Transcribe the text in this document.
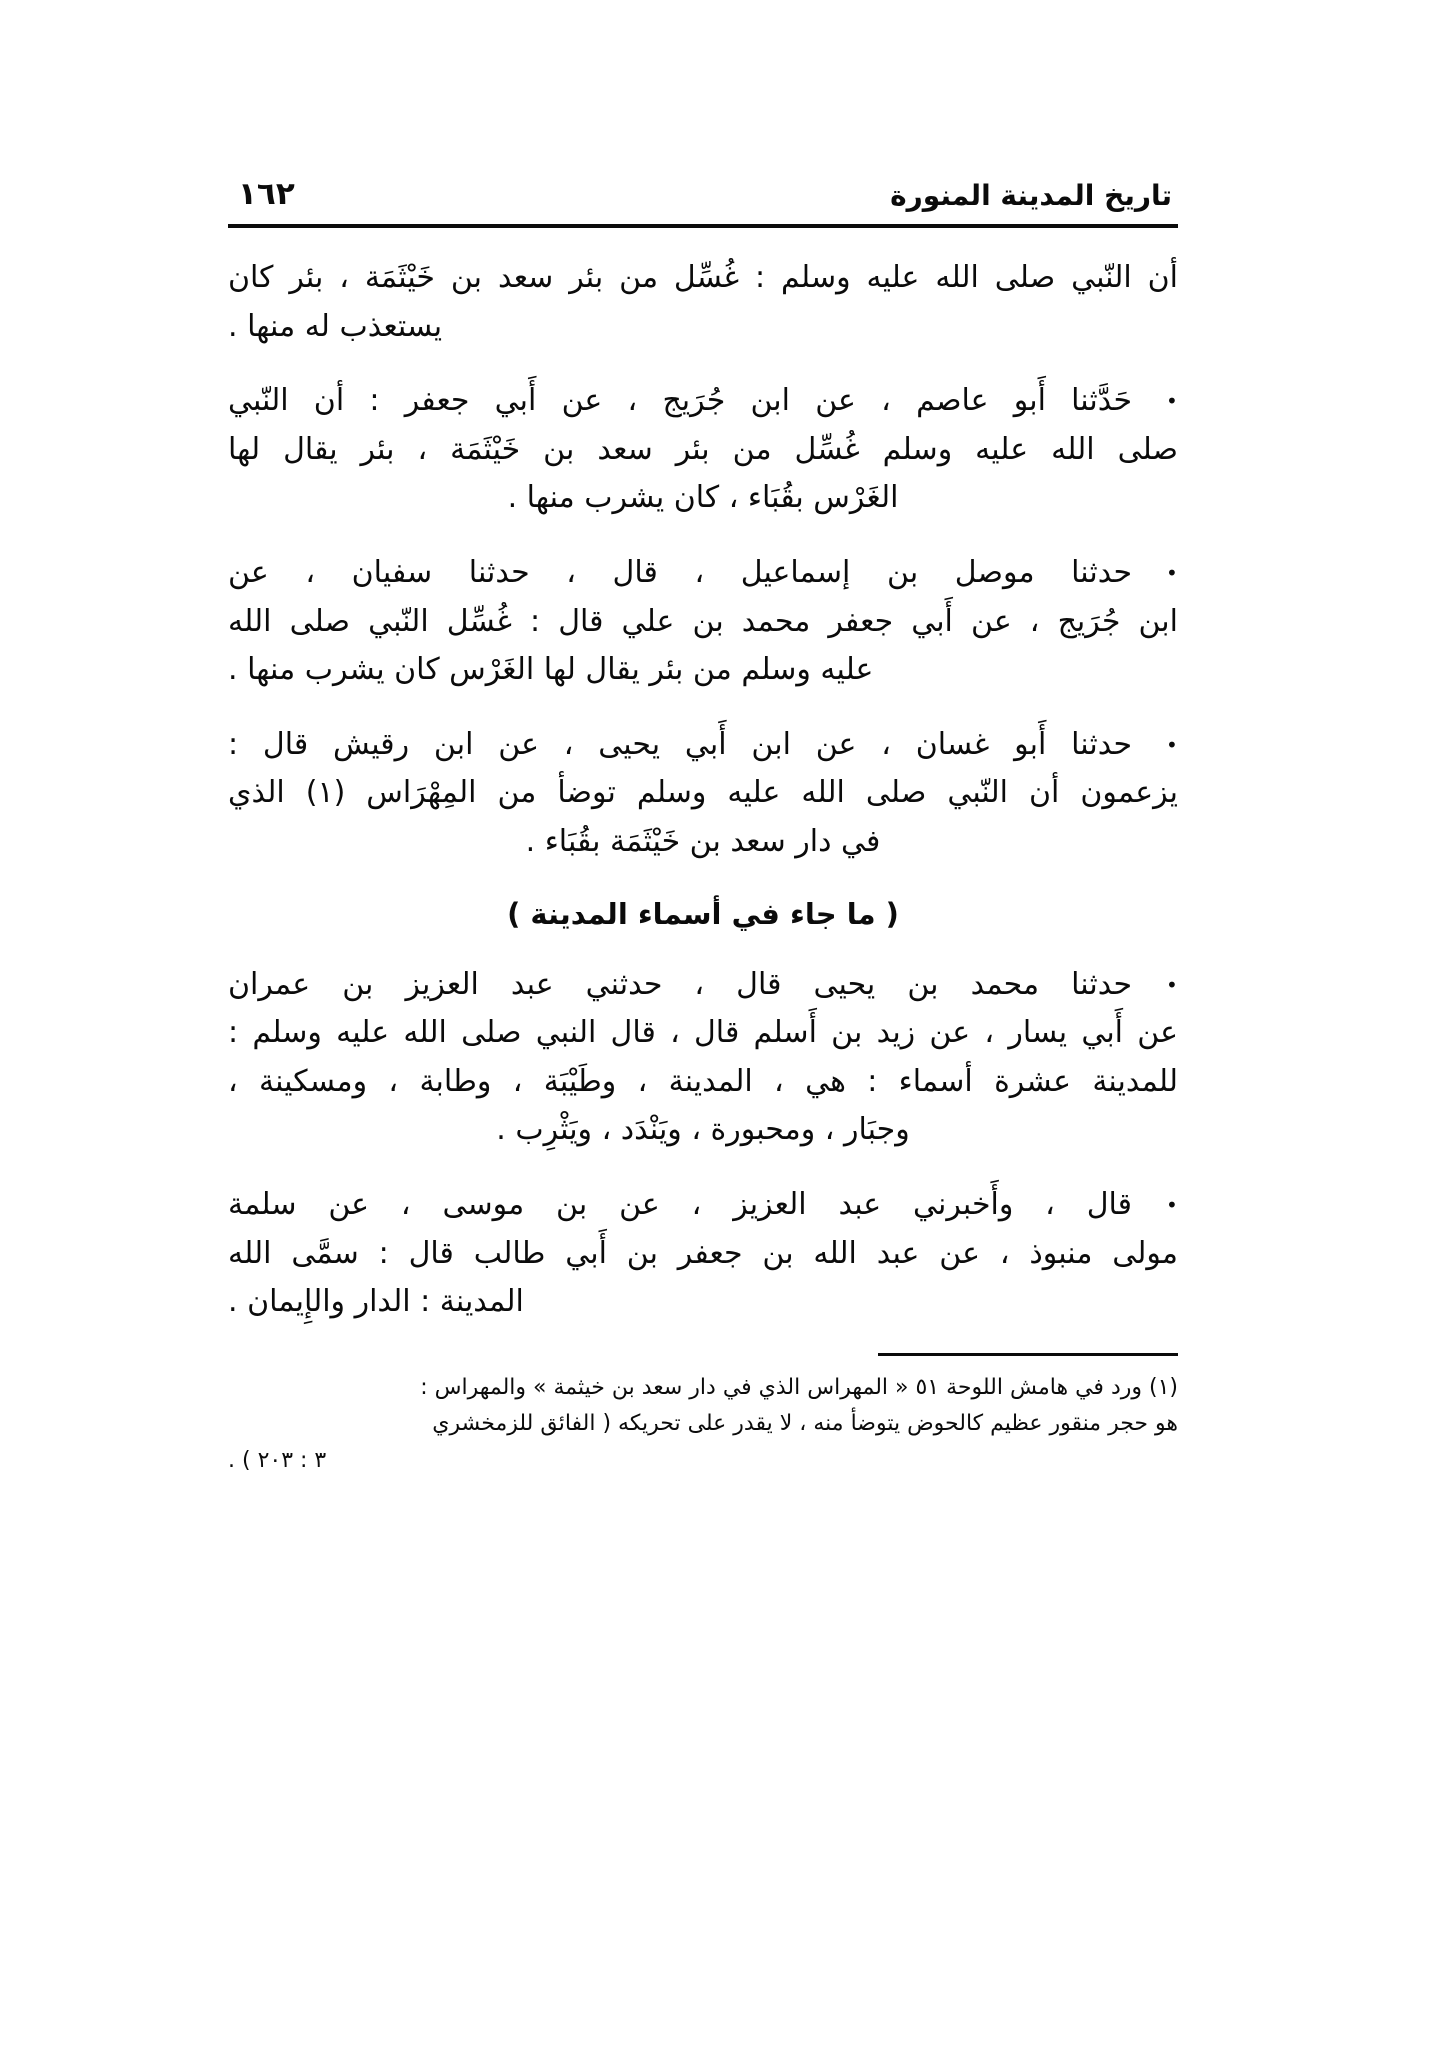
١٦٢	تاريخ المدينة المنورة
أن النّبي صلى الله عليه وسلم : غُسِّل من بئر سعد بن خَيْثَمَة ، بئر كان
يستعذب له منها .
•حَدَّثنا أَبو عاصم ، عن ابن جُرَيج ، عن أَبي جعفر : أن النّبي
صلى الله عليه وسلم غُسِّل من بئر سعد بن خَيْثَمَة ، بئر يقال لها
الغَرْس بقُبَاء ، كان يشرب منها .
•حدثنا موصل بن إسماعيل ، قال ، حدثنا سفيان ، عن
ابن جُرَيج ، عن أَبي جعفر محمد بن علي قال : غُسِّل النّبي صلى الله
عليه وسلم من بئر يقال لها الغَرْس كان يشرب منها .
•حدثنا أَبو غسان ، عن ابن أَبي يحيى ، عن ابن رقيش قال :
يزعمون أن النّبي صلى الله عليه وسلم توضأ من المِهْرَاس (١) الذي
في دار سعد بن خَيْثَمَة بقُبَاء .
( ما جاء في أسماء المدينة )
•حدثنا محمد بن يحيى قال ، حدثني عبد العزيز بن عمران
عن أَبي يسار ، عن زيد بن أَسلم قال ، قال النبي صلى الله عليه وسلم :
للمدينة عشرة أسماء : هي ، المدينة ، وطَيْبَة ، وطابة ، ومسكينة ،
وجبَار ، ومحبورة ، ويَنْدَد ، ويَثْرِب .
•قال ، وأَخبرني عبد العزيز ، عن بن موسى ، عن سلمة
مولى منبوذ ، عن عبد الله بن جعفر بن أَبي طالب قال : سمَّى الله
المدينة : الدار والإِيمان .
(١) ورد في هامش اللوحة ٥١ « المهراس الذي في دار سعد بن خيثمة » والمهراس :
هو حجر منقور عظيم كالحوض يتوضأ منه ، لا يقدر على تحريكه ( الفائق للزمخشري
٣ : ٢٠٣ ) .
